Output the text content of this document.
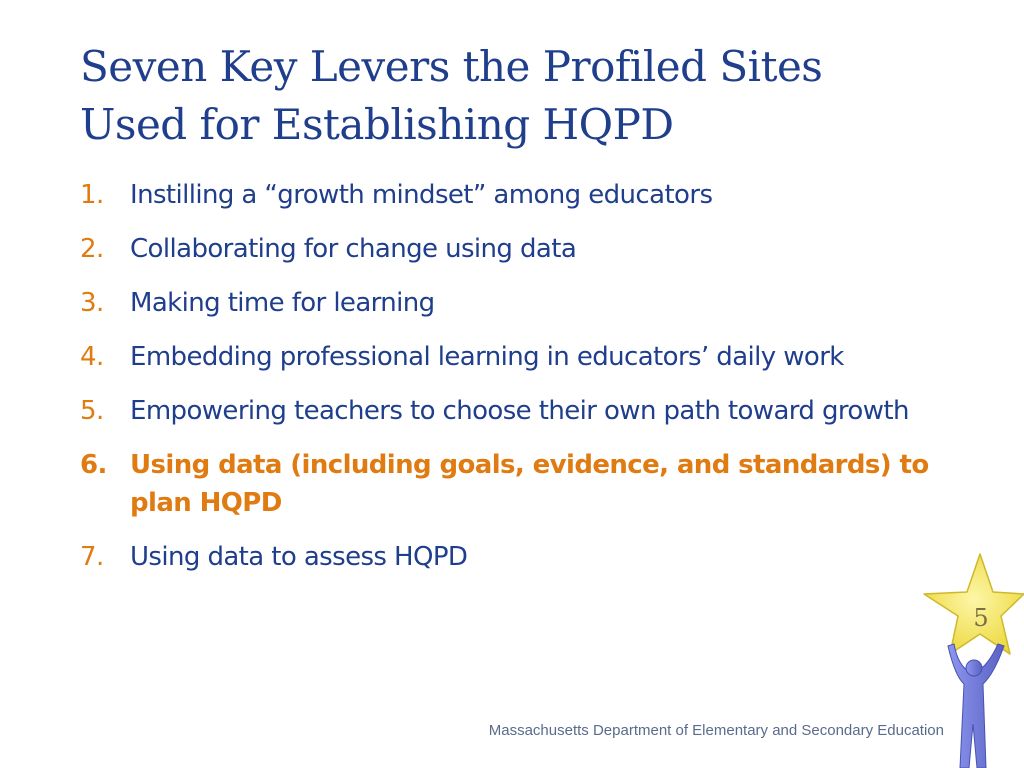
Seven Key Levers the Profiled Sites
Used for Establishing HQPD
1.	Instilling a “growth mindset” among educators
2.	Collaborating for change using data
3.	Making time for learning
4.	Embedding professional learning in educators’ daily work
5.	Empowering teachers to choose their own path toward growth
6. Using data (including goals, evidence, and standards) to plan HQPD
7.	Using data to assess HQPD
Massachusetts Department of Elementary and Secondary Education
5
